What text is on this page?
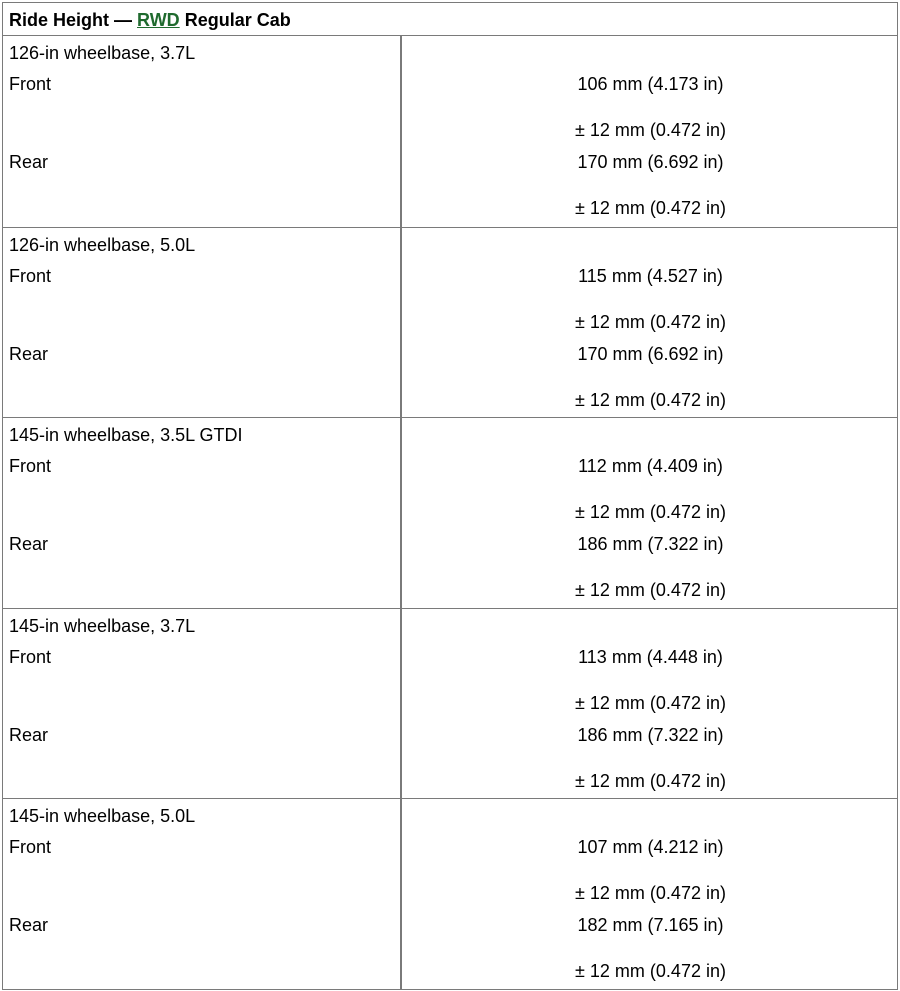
Ride Height — RWD Regular Cab
126-in wheelbase, 3.7L
Front
Rear
106 mm (4.173 in)
± 12 mm (0.472 in)
170 mm (6.692 in)
± 12 mm (0.472 in)
126-in wheelbase, 5.0L
Front
Rear
115 mm (4.527 in)
± 12 mm (0.472 in)
170 mm (6.692 in)
± 12 mm (0.472 in)
145-in wheelbase, 3.5L GTDI
Front
Rear
112 mm (4.409 in)
± 12 mm (0.472 in)
186 mm (7.322 in)
± 12 mm (0.472 in)
145-in wheelbase, 3.7L
Front
Rear
113 mm (4.448 in)
± 12 mm (0.472 in)
186 mm (7.322 in)
± 12 mm (0.472 in)
145-in wheelbase, 5.0L
Front
Rear
107 mm (4.212 in)
± 12 mm (0.472 in)
182 mm (7.165 in)
± 12 mm (0.472 in)
